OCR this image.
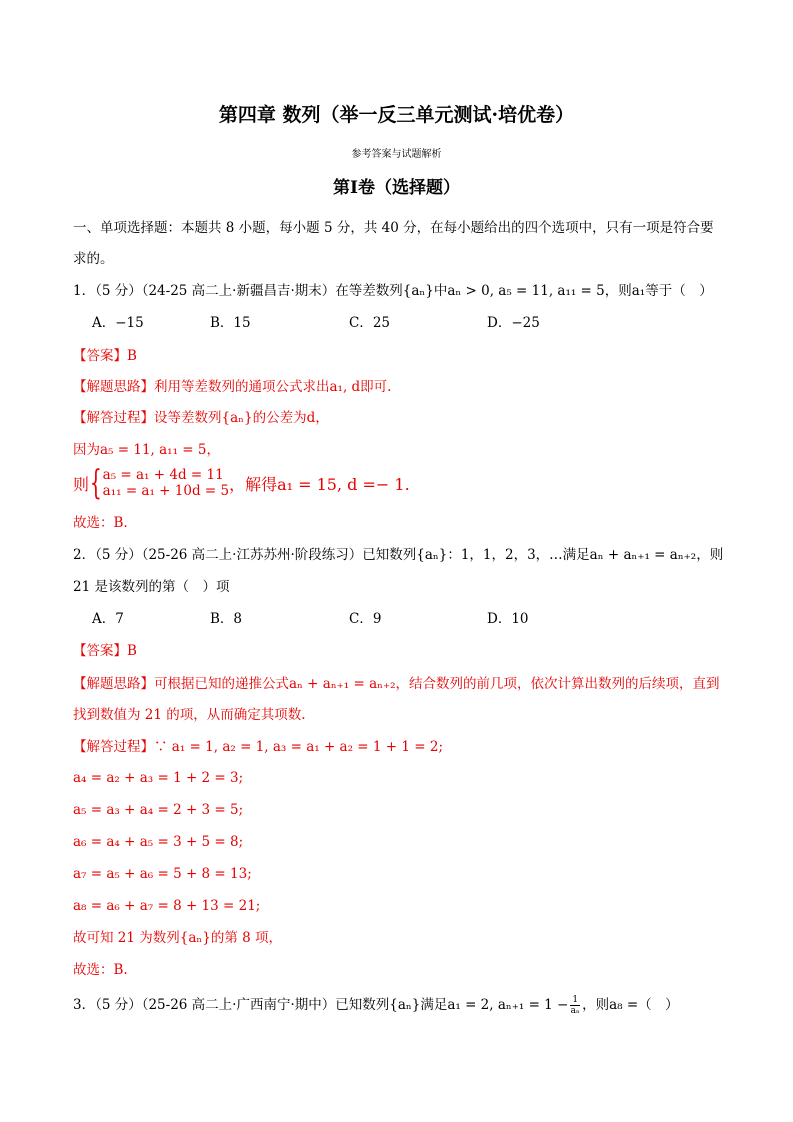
第四章 数列（举一反三单元测试·培优卷）
参考答案与试题解析
第Ⅰ卷（选择题）
一、单项选择题：本题共 8 小题，每小题 5 分，共 40 分，在每小题给出的四个选项中，只有一项是符合要
求的。
1．（5 分）（24-25 高二上·新疆昌吉·期末）在等差数列{aₙ}中aₙ > 0, a₅ = 11, a₁₁ = 5，则a₁等于（　）
A．−15	B．15	C．25	D．−25
【答案】B
【解题思路】利用等差数列的通项公式求出a₁, d即可.
【解答过程】设等差数列{aₙ}的公差为d，
因为a₅ = 11, a₁₁ = 5，
则 { a₅ = a₁ + 4d = 11
a₁₁ = a₁ + 10d = 5 ，解得a₁ = 15, d =− 1.
故选：B.
2．（5 分）（25-26 高二上·江苏苏州·阶段练习）已知数列{aₙ}：1，1，2，3，…满足aₙ + aₙ₊₁ = aₙ₊₂，则
21 是该数列的第（　）项
A．7	B．8	C．9	D．10
【答案】B
【解题思路】可根据已知的递推公式aₙ + aₙ₊₁ = aₙ₊₂，结合数列的前几项，依次计算出数列的后续项，直到
找到数值为 21 的项，从而确定其项数.
【解答过程】∵ a₁ = 1, a₂ = 1, a₃ = a₁ + a₂ = 1 + 1 = 2;
a₄ = a₂ + a₃ = 1 + 2 = 3;
a₅ = a₃ + a₄ = 2 + 3 = 5;
a₆ = a₄ + a₅ = 3 + 5 = 8;
a₇ = a₅ + a₆ = 5 + 8 = 13;
a₈ = a₆ + a₇ = 8 + 13 = 21;
故可知 21 为数列{aₙ}的第 8 项，
故选：B.
3．（5 分）（25-26 高二上·广西南宁·期中）已知数列{aₙ}满足a₁ = 2, $a_{n+1} = 1 - \frac{1}{\text{aₙ}}$ ，则a₈ =（　）
